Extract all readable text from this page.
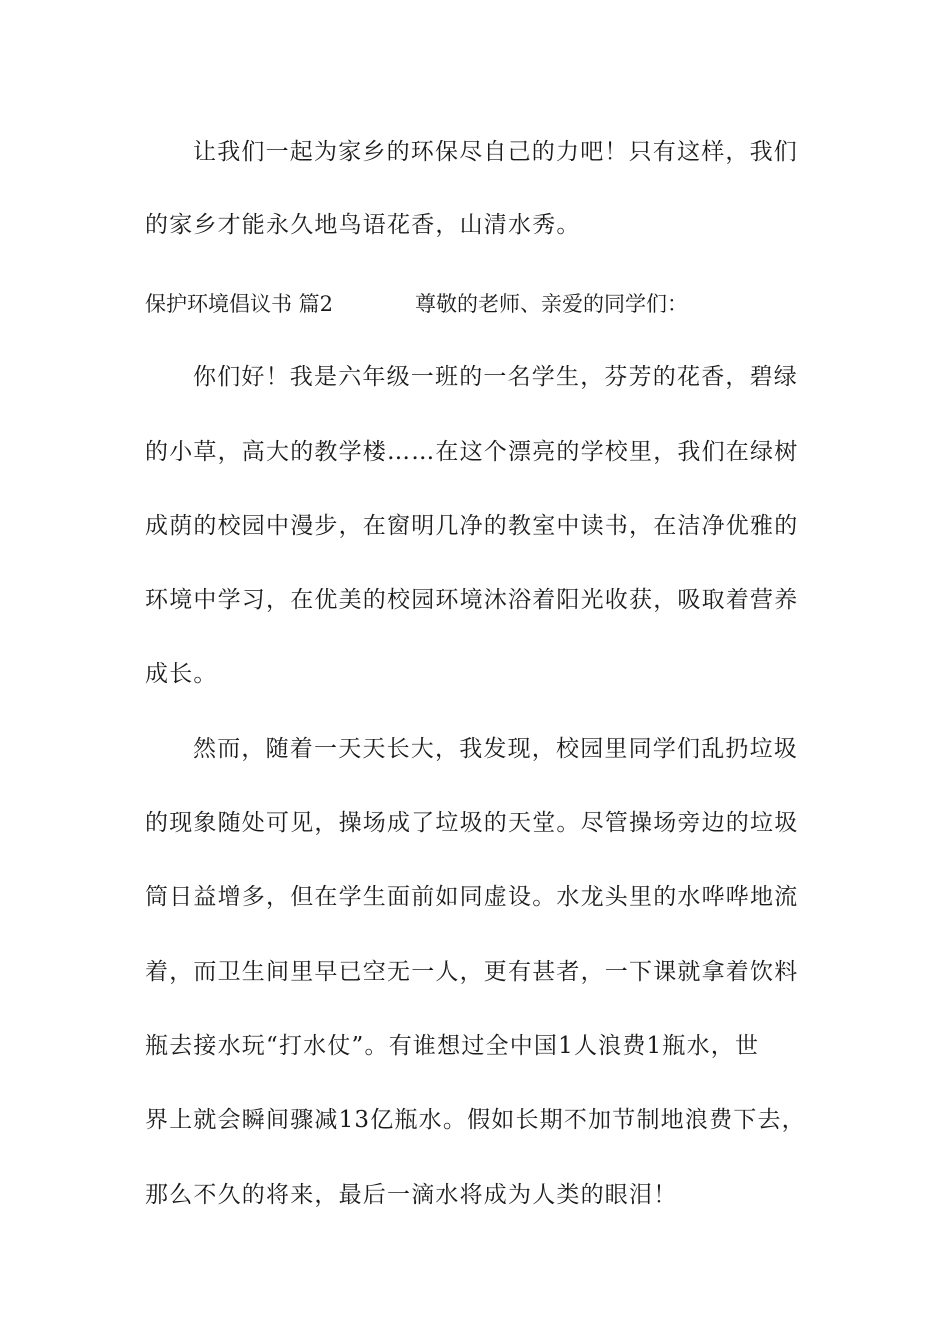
让我们一起为家乡的环保尽自己的力吧！只有这样，我们
的家乡才能永久地鸟语花香，山清水秀。
保护环境倡议书 篇2	尊敬的老师、亲爱的同学们：
你们好！我是六年级一班的一名学生，芬芳的花香，碧绿
的小草，高大的教学楼……在这个漂亮的学校里，我们在绿树
成荫的校园中漫步，在窗明几净的教室中读书，在洁净优雅的
环境中学习，在优美的校园环境沐浴着阳光收获，吸取着营养
成长。
然而，随着一天天长大，我发现，校园里同学们乱扔垃圾
的现象随处可见，操场成了垃圾的天堂。尽管操场旁边的垃圾
筒日益增多，但在学生面前如同虚设。水龙头里的水哗哗地流
着，而卫生间里早已空无一人，更有甚者，一下课就拿着饮料
瓶去接水玩“打水仗”。有谁想过全中国1人浪费1瓶水，世
界上就会瞬间骤减13亿瓶水。假如长期不加节制地浪费下去，
那么不久的将来，最后一滴水将成为人类的眼泪！
